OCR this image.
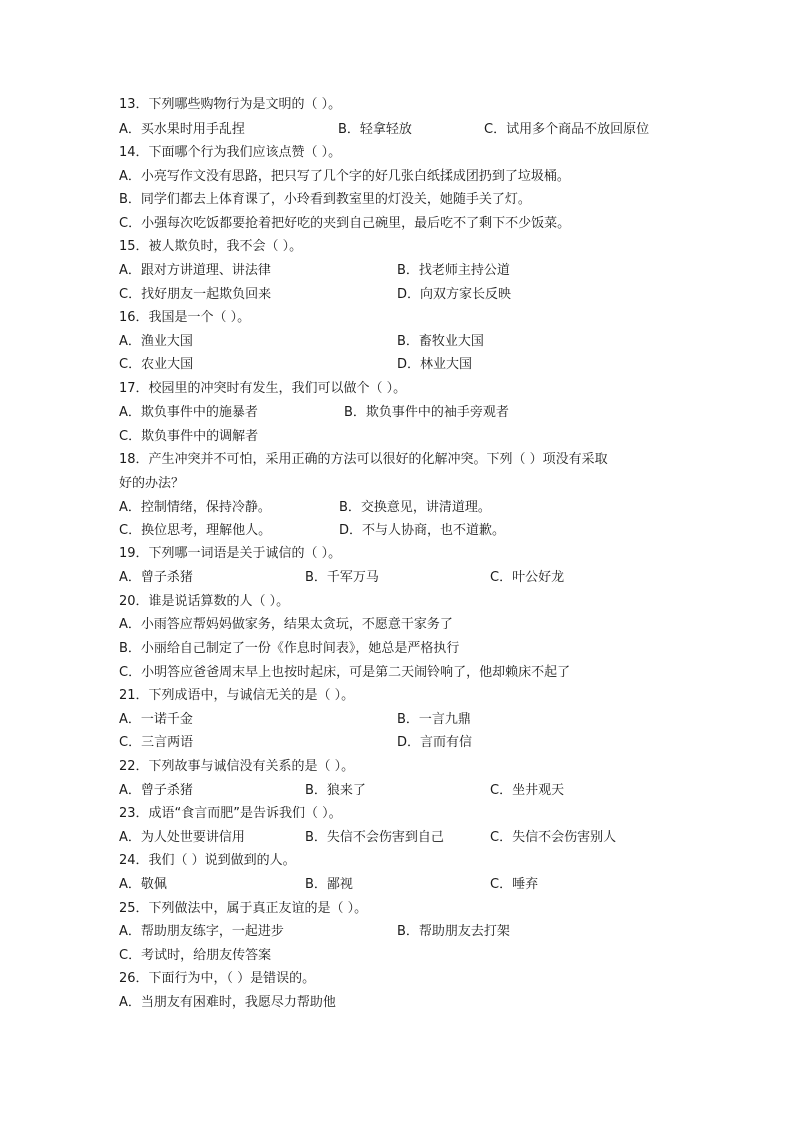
13．下列哪些购物行为是文明的（ ）。
A．买水果时用手乱捏	B．轻拿轻放	C．试用多个商品不放回原位
14．下面哪个行为我们应该点赞（ ）。
A．小亮写作文没有思路，把只写了几个字的好几张白纸揉成团扔到了垃圾桶。
B．同学们都去上体育课了，小玲看到教室里的灯没关，她随手关了灯。
C．小强每次吃饭都要抢着把好吃的夹到自己碗里，最后吃不了剩下不少饭菜。
15．被人欺负时，我不会（ ）。
A．跟对方讲道理、讲法律	B．找老师主持公道
C．找好朋友一起欺负回来	D．向双方家长反映
16．我国是一个（ ）。
A．渔业大国	B．畜牧业大国
C．农业大国	D．林业大国
17．校园里的冲突时有发生，我们可以做个（ ）。
A．欺负事件中的施暴者	B．欺负事件中的袖手旁观者
C．欺负事件中的调解者
18．产生冲突并不可怕，采用正确的方法可以很好的化解冲突。下列（ ）项没有采取
好的办法？
A．控制情绪，保持冷静。	B．交换意见，讲清道理。
C．换位思考，理解他人。	D．不与人协商，也不道歉。
19．下列哪一词语是关于诚信的（ ）。
A．曾子杀猪	B．千军万马	C．叶公好龙
20．谁是说话算数的人（ ）。
A．小雨答应帮妈妈做家务，结果太贪玩，不愿意干家务了
B．小丽给自己制定了一份《作息时间表》，她总是严格执行
C．小明答应爸爸周末早上也按时起床，可是第二天闹铃响了，他却赖床不起了
21．下列成语中，与诚信无关的是（ ）。
A．一诺千金	B．一言九鼎
C．三言两语	D．言而有信
22．下列故事与诚信没有关系的是（ ）。
A．曾子杀猪	B．狼来了	C．坐井观天
23．成语“食言而肥”是告诉我们（ ）。
A．为人处世要讲信用	B．失信不会伤害到自己	C．失信不会伤害别人
24．我们（ ）说到做到的人。
A．敬佩	B．鄙视	C．唾弃
25．下列做法中，属于真正友谊的是（ ）。
A．帮助朋友练字，一起进步	B．帮助朋友去打架
C．考试时，给朋友传答案
26．下面行为中，（ ）是错误的。
A．当朋友有困难时，我愿尽力帮助他
